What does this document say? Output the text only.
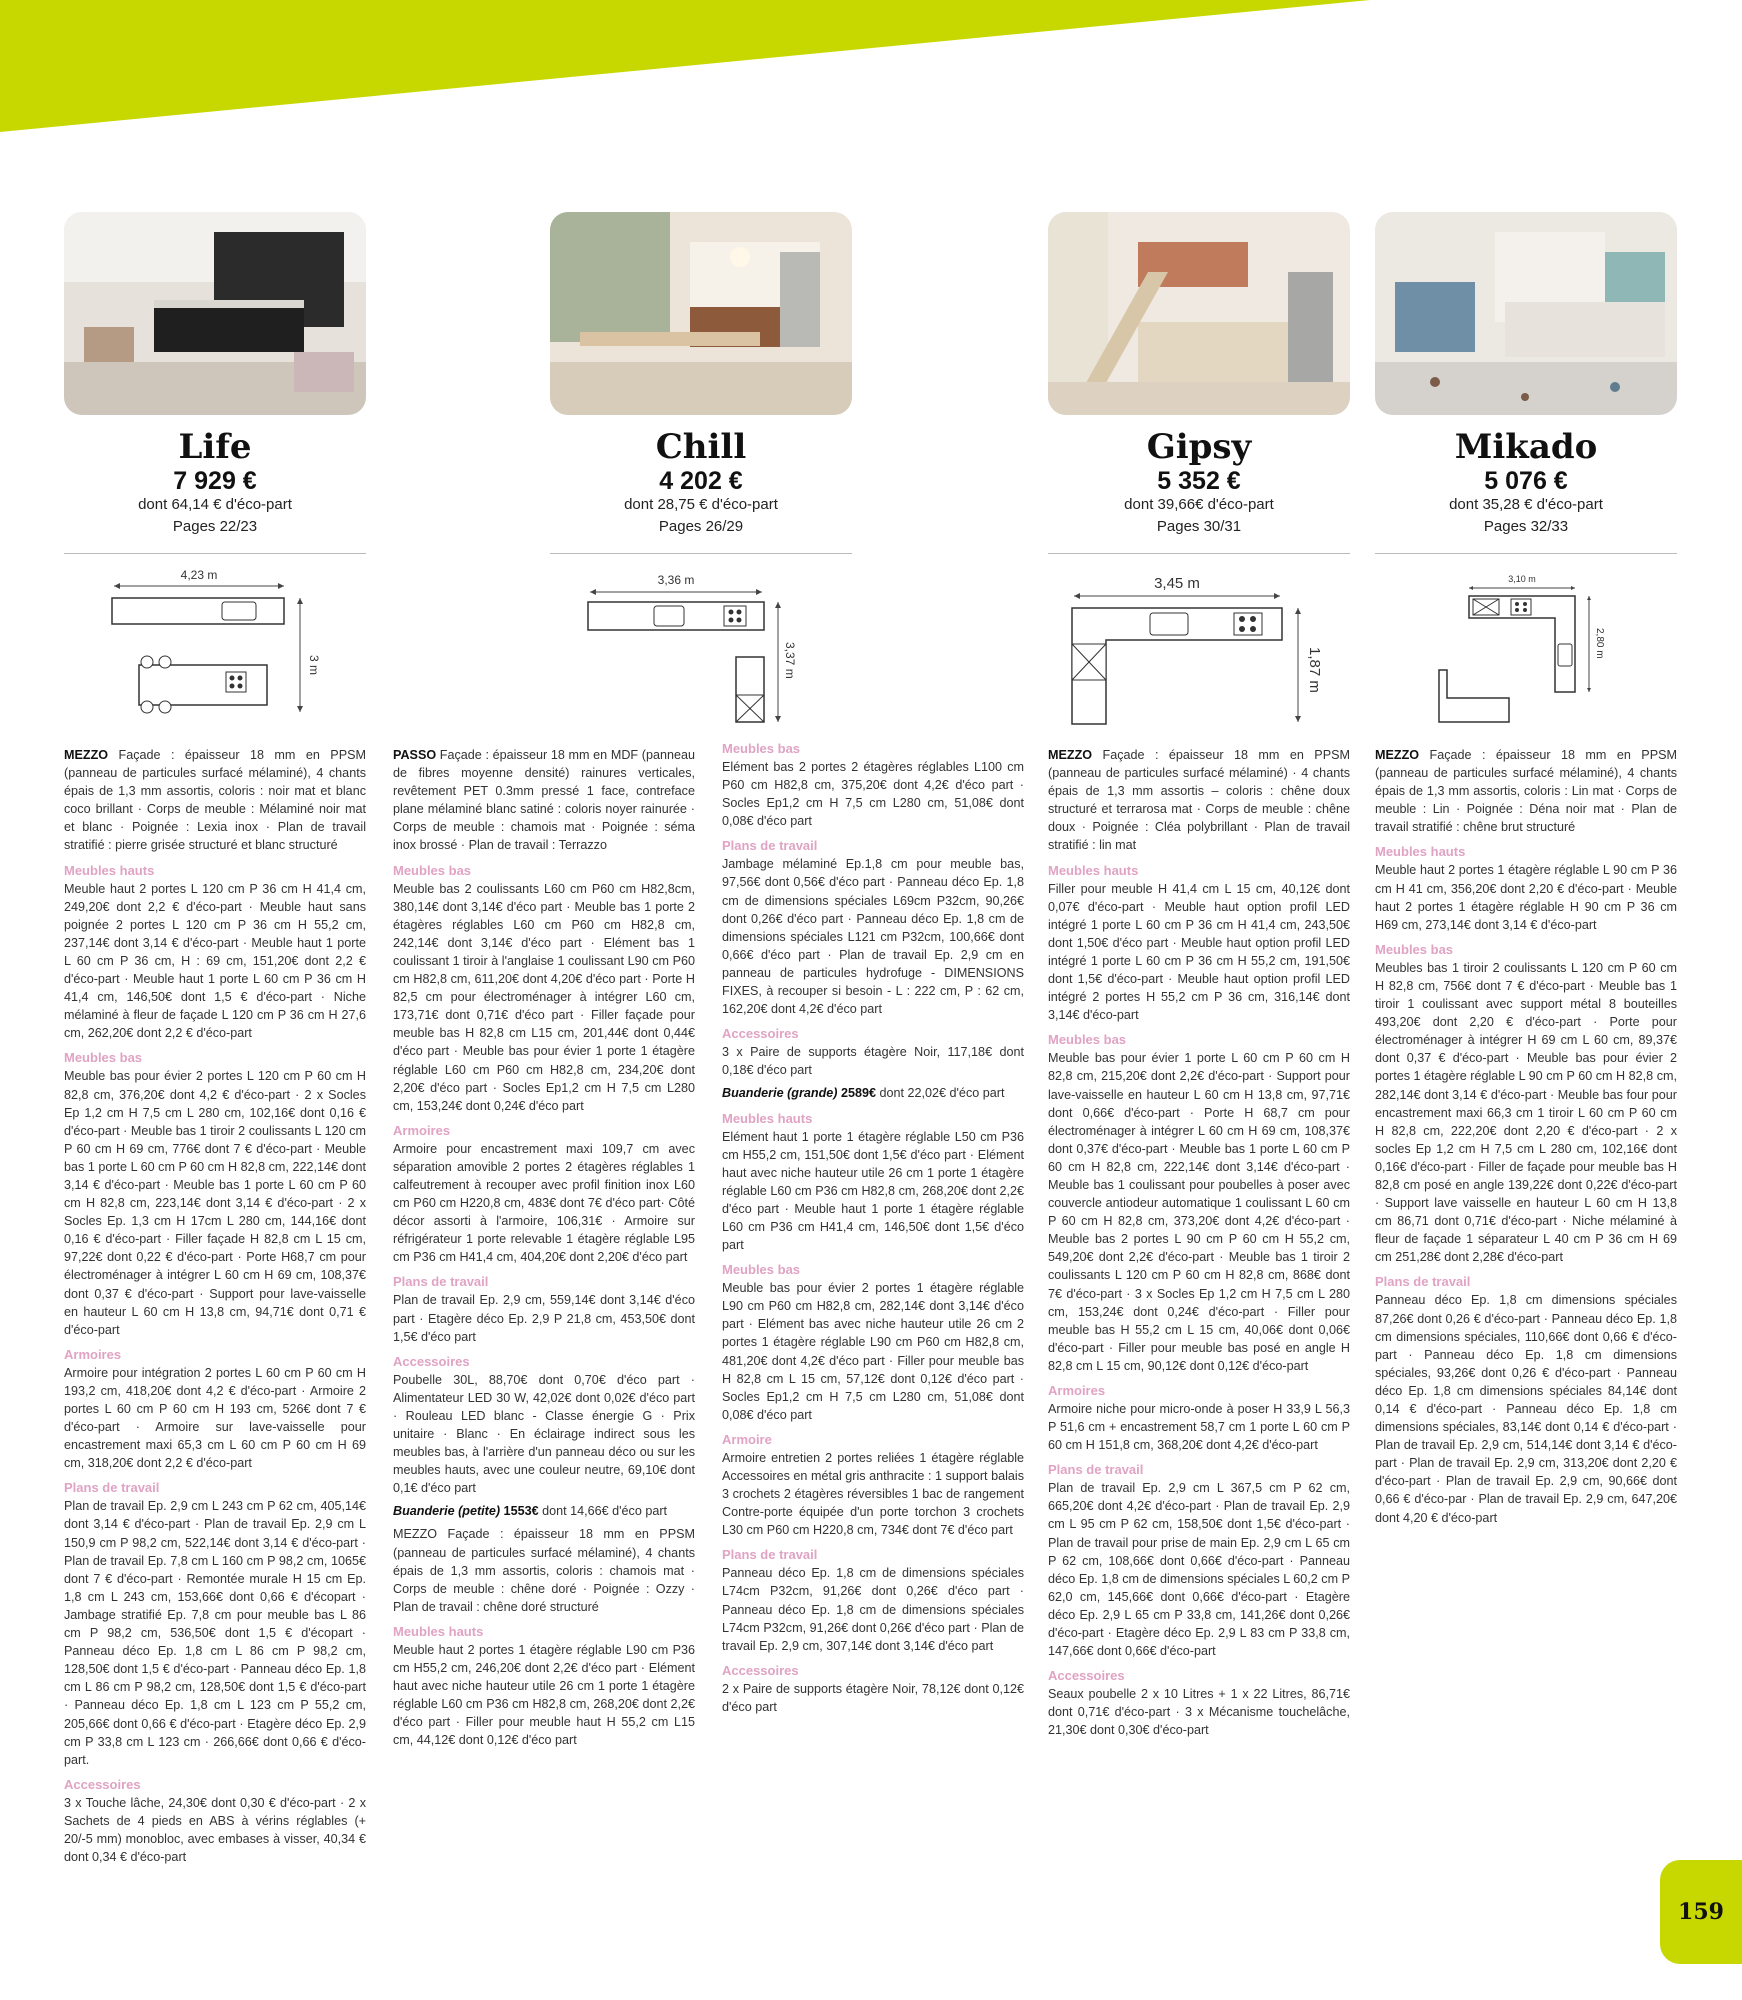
Life
7 929 €
dont 64,14 € d'éco-part
Pages 22/23
4,23 m
3 m
Chill
4 202 €
dont 28,75 € d'éco-part
Pages 26/29
3,36 m
3,37 m
Gipsy
5 352 €
dont 39,66€ d'éco-part
Pages 30/31
3,45 m
1,87 m
Mikado
5 076 €
dont 35,28 € d'éco-part
Pages 32/33
3,10 m
2,80 m

MEZZO Façade : épaisseur 18 mm en PPSM (panneau de particules surfacé mélaminé), 4 chants épais de 1,3 mm assortis, coloris : noir mat et blanc coco brillant · Corps de meuble : Mélaminé noir mat et blanc · Poignée : Lexia inox · Plan de travail stratifié : pierre grisée structuré et blanc structuré

Meubles hauts

Meuble haut 2 portes L 120 cm P 36 cm H 41,4 cm, 249,20€ dont 2,2 € d'éco-part · Meuble haut sans poignée 2 portes L 120 cm P 36 cm H 55,2 cm, 237,14€ dont 3,14 € d'éco-part · Meuble haut 1 porte L 60 cm P 36 cm, H : 69 cm, 151,20€ dont 2,2 € d'éco-part · Meuble haut 1 porte L 60 cm P 36 cm H 41,4 cm, 146,50€ dont 1,5 € d'éco-part · Niche mélaminé à fleur de façade L 120 cm P 36 cm H 27,6 cm, 262,20€ dont 2,2 € d'éco-part

Meubles bas

Meuble bas pour évier 2 portes L 120 cm P 60 cm H 82,8 cm, 376,20€ dont 4,2 € d'éco-part · 2 x Socles Ep 1,2 cm H 7,5 cm L 280 cm, 102,16€ dont 0,16 € d'éco-part · Meuble bas 1 tiroir 2 coulissants L 120 cm P 60 cm H 69 cm, 776€ dont 7 € d'éco-part · Meuble bas 1 porte L 60 cm P 60 cm H 82,8 cm, 222,14€ dont 3,14 € d'éco-part · Meuble bas 1 porte L 60 cm P 60 cm H 82,8 cm, 223,14€ dont 3,14 € d'éco-part · 2 x Socles Ep. 1,3 cm H 17cm L 280 cm, 144,16€ dont 0,16 € d'éco-part · Filler façade H 82,8 cm L 15 cm, 97,22€ dont 0,22 € d'éco-part · Porte H68,7 cm pour électroménager à intégrer L 60 cm H 69 cm, 108,37€ dont 0,37 € d'éco-part · Support pour lave-vaisselle en hauteur L 60 cm H 13,8 cm, 94,71€ dont 0,71 € d'éco-part

Armoires

Armoire pour intégration 2 portes L 60 cm P 60 cm H 193,2 cm, 418,20€ dont 4,2 € d'éco-part · Armoire 2 portes L 60 cm P 60 cm H 193 cm, 526€ dont 7 € d'éco-part · Armoire sur lave-vaisselle pour encastrement maxi 65,3 cm L 60 cm P 60 cm H 69 cm, 318,20€ dont 2,2 € d'éco-part

Plans de travail

Plan de travail Ep. 2,9 cm L 243 cm P 62 cm, 405,14€ dont 3,14 € d'éco-part · Plan de travail Ep. 2,9 cm L 150,9 cm P 98,2 cm, 522,14€ dont 3,14 € d'éco-part · Plan de travail Ep. 7,8 cm L 160 cm P 98,2 cm, 1065€ dont 7 € d'éco-part · Remontée murale H 15 cm Ep. 1,8 cm L 243 cm, 153,66€ dont 0,66 € d'écopart · Jambage stratifié Ep. 7,8 cm pour meuble bas L 86 cm P 98,2 cm, 536,50€ dont 1,5 € d'écopart · Panneau déco Ep. 1,8 cm L 86 cm P 98,2 cm, 128,50€ dont 1,5 € d'éco-part · Panneau déco Ep. 1,8 cm L 86 cm P 98,2 cm, 128,50€ dont 1,5 € d'éco-part · Panneau déco Ep. 1,8 cm L 123 cm P 55,2 cm, 205,66€ dont 0,66 € d'éco-part · Etagère déco Ep. 2,9 cm P 33,8 cm L 123 cm · 266,66€ dont 0,66 € d'éco-part.

Accessoires

3 x Touche lâche, 24,30€ dont 0,30 € d'éco-part · 2 x Sachets de 4 pieds en ABS à vérins réglables (+ 20/-5 mm) monobloc, avec embases à visser, 40,34 € dont 0,34 € d'éco-part

PASSO Façade : épaisseur 18 mm en MDF (panneau de fibres moyenne densité) rainures verticales, revêtement PET 0.3mm pressé 1 face, contreface plane mélaminé blanc satiné : coloris noyer rainurée · Corps de meuble : chamois mat · Poignée : séma inox brossé · Plan de travail : Terrazzo

Meubles bas

Meuble bas 2 coulissants L60 cm P60 cm H82,8cm, 380,14€ dont 3,14€ d'éco part · Meuble bas 1 porte 2 étagères réglables L60 cm P60 cm H82,8 cm, 242,14€ dont 3,14€ d'éco part · Elément bas 1 coulissant 1 tiroir à l'anglaise 1 coulissant L90 cm P60 cm H82,8 cm, 611,20€ dont 4,20€ d'éco part · Porte H 82,5 cm pour électroménager à intégrer L60 cm, 173,71€ dont 0,71€ d'éco part · Filler façade pour meuble bas H 82,8 cm L15 cm, 201,44€ dont 0,44€ d'éco part · Meuble bas pour évier 1 porte 1 étagère réglable L60 cm P60 cm H82,8 cm, 234,20€ dont 2,20€ d'éco part · Socles Ep1,2 cm H 7,5 cm L280 cm, 153,24€ dont 0,24€ d'éco part

Armoires

Armoire pour encastrement maxi 109,7 cm avec séparation amovible 2 portes 2 étagères réglables 1 calfeutrement à recouper avec profil finition inox L60 cm P60 cm H220,8 cm, 483€ dont 7€ d'éco part· Côté décor assorti à l'armoire, 106,31€ · Armoire sur réfrigérateur 1 porte relevable 1 étagère réglable L95 cm P36 cm H41,4 cm, 404,20€ dont 2,20€ d'éco part

Plans de travail

Plan de travail Ep. 2,9 cm, 559,14€ dont 3,14€ d'éco part · Etagère déco Ep. 2,9 P 21,8 cm, 453,50€ dont 1,5€ d'éco part

Accessoires

Poubelle 30L, 88,70€ dont 0,70€ d'éco part · Alimentateur LED 30 W, 42,02€ dont 0,02€ d'éco part · Rouleau LED blanc - Classe énergie G · Prix unitaire · Blanc · En éclairage indirect sous les meubles bas, à l'arrière d'un panneau déco ou sur les meubles hauts, avec une couleur neutre, 69,10€ dont 0,1€ d'éco part

Buanderie (petite) 1553€ dont 14,66€ d'éco part

MEZZO Façade : épaisseur 18 mm en PPSM (panneau de particules surfacé mélaminé), 4 chants épais de 1,3 mm assortis, coloris : chamois mat · Corps de meuble : chêne doré · Poignée : Ozzy · Plan de travail : chêne doré structuré

Meubles hauts

Meuble haut 2 portes 1 étagère réglable L90 cm P36 cm H55,2 cm, 246,20€ dont 2,2€ d'éco part · Elément haut avec niche hauteur utile 26 cm 1 porte 1 étagère réglable L60 cm P36 cm H82,8 cm, 268,20€ dont 2,2€ d'éco part · Filler pour meuble haut H 55,2 cm L15 cm, 44,12€ dont 0,12€ d'éco part

Meubles bas

Elément bas 2 portes 2 étagères réglables L100 cm P60 cm H82,8 cm, 375,20€ dont 4,2€ d'éco part · Socles Ep1,2 cm H 7,5 cm L280 cm, 51,08€ dont 0,08€ d'éco part

Plans de travail

Jambage mélaminé Ep.1,8 cm pour meuble bas, 97,56€ dont 0,56€ d'éco part · Panneau déco Ep. 1,8 cm de dimensions spéciales L69cm P32cm, 90,26€ dont 0,26€ d'éco part · Panneau déco Ep. 1,8 cm de dimensions spéciales L121 cm P32cm, 100,66€ dont 0,66€ d'éco part · Plan de travail Ep. 2,9 cm en panneau de particules hydrofuge - DIMENSIONS FIXES, à recouper si besoin - L : 222 cm, P : 62 cm, 162,20€ dont 4,2€ d'éco part

Accessoires

3 x Paire de supports étagère Noir, 117,18€ dont 0,18€ d'éco part

Buanderie (grande) 2589€ dont 22,02€ d'éco part

Meubles hauts

Elément haut 1 porte 1 étagère réglable L50 cm P36 cm H55,2 cm, 151,50€ dont 1,5€ d'éco part · Elément haut avec niche hauteur utile 26 cm 1 porte 1 étagère réglable L60 cm P36 cm H82,8 cm, 268,20€ dont 2,2€ d'éco part · Meuble haut 1 porte 1 étagère réglable L60 cm P36 cm H41,4 cm, 146,50€ dont 1,5€ d'éco part

Meubles bas

Meuble bas pour évier 2 portes 1 étagère réglable L90 cm P60 cm H82,8 cm, 282,14€ dont 3,14€ d'éco part · Elément bas avec niche hauteur utile 26 cm 2 portes 1 étagère réglable L90 cm P60 cm H82,8 cm, 481,20€ dont 4,2€ d'éco part · Filler pour meuble bas H 82,8 cm L 15 cm, 57,12€ dont 0,12€ d'éco part · Socles Ep1,2 cm H 7,5 cm L280 cm, 51,08€ dont 0,08€ d'éco part

Armoire

Armoire entretien 2 portes reliées 1 étagère réglable Accessoires en métal gris anthracite : 1 support balais 3 crochets 2 étagères réversibles 1 bac de rangement Contre-porte équipée d'un porte torchon 3 crochets L30 cm P60 cm H220,8 cm, 734€ dont 7€ d'éco part

Plans de travail

Panneau déco Ep. 1,8 cm de dimensions spéciales L74cm P32cm, 91,26€ dont 0,26€ d'éco part · Panneau déco Ep. 1,8 cm de dimensions spéciales L74cm P32cm, 91,26€ dont 0,26€ d'éco part · Plan de travail Ep. 2,9 cm, 307,14€ dont 3,14€ d'éco part

Accessoires

2 x Paire de supports étagère Noir, 78,12€ dont 0,12€ d'éco part

MEZZO Façade : épaisseur 18 mm en PPSM (panneau de particules surfacé mélaminé) · 4 chants épais de 1,3 mm assortis – coloris : chêne doux structuré et terrarosa mat · Corps de meuble : chêne doux · Poignée : Cléa polybrillant · Plan de travail stratifié : lin mat

Meubles hauts

Filler pour meuble H 41,4 cm L 15 cm, 40,12€ dont 0,07€ d'éco-part · Meuble haut option profil LED intégré 1 porte L 60 cm P 36 cm H 41,4 cm, 243,50€ dont 1,50€ d'éco part · Meuble haut option profil LED intégré 1 porte L 60 cm P 36 cm H 55,2 cm, 191,50€ dont 1,5€ d'éco-part · Meuble haut option profil LED intégré 2 portes H 55,2 cm P 36 cm, 316,14€ dont 3,14€ d'éco-part

Meubles bas

Meuble bas pour évier 1 porte L 60 cm P 60 cm H 82,8 cm, 215,20€ dont 2,2€ d'éco-part · Support pour lave-vaisselle en hauteur L 60 cm H 13,8 cm, 97,71€ dont 0,66€ d'éco-part · Porte H 68,7 cm pour électroménager à intégrer L 60 cm H 69 cm, 108,37€ dont 0,37€ d'éco-part · Meuble bas 1 porte L 60 cm P 60 cm H 82,8 cm, 222,14€ dont 3,14€ d'éco-part · Meuble bas 1 coulissant pour poubelles à poser avec couvercle antiodeur automatique 1 coulissant L 60 cm P 60 cm H 82,8 cm, 373,20€ dont 4,2€ d'éco-part · Meuble bas 2 portes L 90 cm P 60 cm H 55,2 cm, 549,20€ dont 2,2€ d'éco-part · Meuble bas 1 tiroir 2 coulissants L 120 cm P 60 cm H 82,8 cm, 868€ dont 7€ d'éco-part · 3 x Socles Ep 1,2 cm H 7,5 cm L 280 cm, 153,24€ dont 0,24€ d'éco-part · Filler pour meuble bas H 55,2 cm L 15 cm, 40,06€ dont 0,06€ d'éco-part · Filler pour meuble bas posé en angle H 82,8 cm L 15 cm, 90,12€ dont 0,12€ d'éco-part

Armoires

Armoire niche pour micro-onde à poser H 33,9 L 56,3 P 51,6 cm + encastrement 58,7 cm 1 porte L 60 cm P 60 cm H 151,8 cm, 368,20€ dont 4,2€ d'éco-part

Plans de travail

Plan de travail Ep. 2,9 cm L 367,5 cm P 62 cm, 665,20€ dont 4,2€ d'éco-part · Plan de travail Ep. 2,9 cm L 95 cm P 62 cm, 158,50€ dont 1,5€ d'éco-part · Plan de travail pour prise de main Ep. 2,9 cm L 65 cm P 62 cm, 108,66€ dont 0,66€ d'éco-part · Panneau déco Ep. 1,8 cm de dimensions spéciales L 60,2 cm P 62,0 cm, 145,66€ dont 0,66€ d'éco-part · Etagère déco Ep. 2,9 L 65 cm P 33,8 cm, 141,26€ dont 0,26€ d'éco-part · Etagère déco Ep. 2,9 L 83 cm P 33,8 cm, 147,66€ dont 0,66€ d'éco-part

Accessoires

Seaux poubelle 2 x 10 Litres + 1 x 22 Litres, 86,71€ dont 0,71€ d'éco-part · 3 x Mécanisme touchelâche, 21,30€ dont 0,30€ d'éco-part

MEZZO Façade : épaisseur 18 mm en PPSM (panneau de particules surfacé mélaminé), 4 chants épais de 1,3 mm assortis, coloris : Lin mat · Corps de meuble : Lin · Poignée : Déna noir mat · Plan de travail stratifié : chêne brut structuré

Meubles hauts

Meuble haut 2 portes 1 étagère réglable L 90 cm P 36 cm H 41 cm, 356,20€ dont 2,20 € d'éco-part · Meuble haut 2 portes 1 étagère réglable H 90 cm P 36 cm H69 cm, 273,14€ dont 3,14 € d'éco-part

Meubles bas

Meubles bas 1 tiroir 2 coulissants L 120 cm P 60 cm H 82,8 cm, 756€ dont 7 € d'éco-part · Meuble bas 1 tiroir 1 coulissant avec support métal 8 bouteilles 493,20€ dont 2,20 € d'éco-part · Porte pour électroménager à intégrer H 69 cm L 60 cm, 89,37€ dont 0,37 € d'éco-part · Meuble bas pour évier 2 portes 1 étagère réglable L 90 cm P 60 cm H 82,8 cm, 282,14€ dont 3,14 € d'éco-part · Meuble bas four pour encastrement maxi 66,3 cm 1 tiroir L 60 cm P 60 cm H 82,8 cm, 222,20€ dont 2,20 € d'éco-part · 2 x socles Ep 1,2 cm H 7,5 cm L 280 cm, 102,16€ dont 0,16€ d'éco-part · Filler de façade pour meuble bas H 82,8 cm posé en angle 139,22€ dont 0,22€ d'éco-part · Support lave vaisselle en hauteur L 60 cm H 13,8 cm 86,71 dont 0,71€ d'éco-part · Niche mélaminé à fleur de façade 1 séparateur L 40 cm P 36 cm H 69 cm 251,28€ dont 2,28€ d'éco-part

Plans de travail

Panneau déco Ep. 1,8 cm dimensions spéciales 87,26€ dont 0,26 € d'éco-part · Panneau déco Ep. 1,8 cm dimensions spéciales, 110,66€ dont 0,66 € d'éco-part · Panneau déco Ep. 1,8 cm dimensions spéciales, 93,26€ dont 0,26 € d'éco-part · Panneau déco Ep. 1,8 cm dimensions spéciales 84,14€ dont 0,14 € d'éco-part · Panneau déco Ep. 1,8 cm dimensions spéciales, 83,14€ dont 0,14 € d'éco-part · Plan de travail Ep. 2,9 cm, 514,14€ dont 3,14 € d'éco-part · Plan de travail Ep. 2,9 cm, 313,20€ dont 2,20 € d'éco-part · Plan de travail Ep. 2,9 cm, 90,66€ dont 0,66 € d'éco-par · Plan de travail Ep. 2,9 cm, 647,20€ dont 4,20 € d'éco-part

159
